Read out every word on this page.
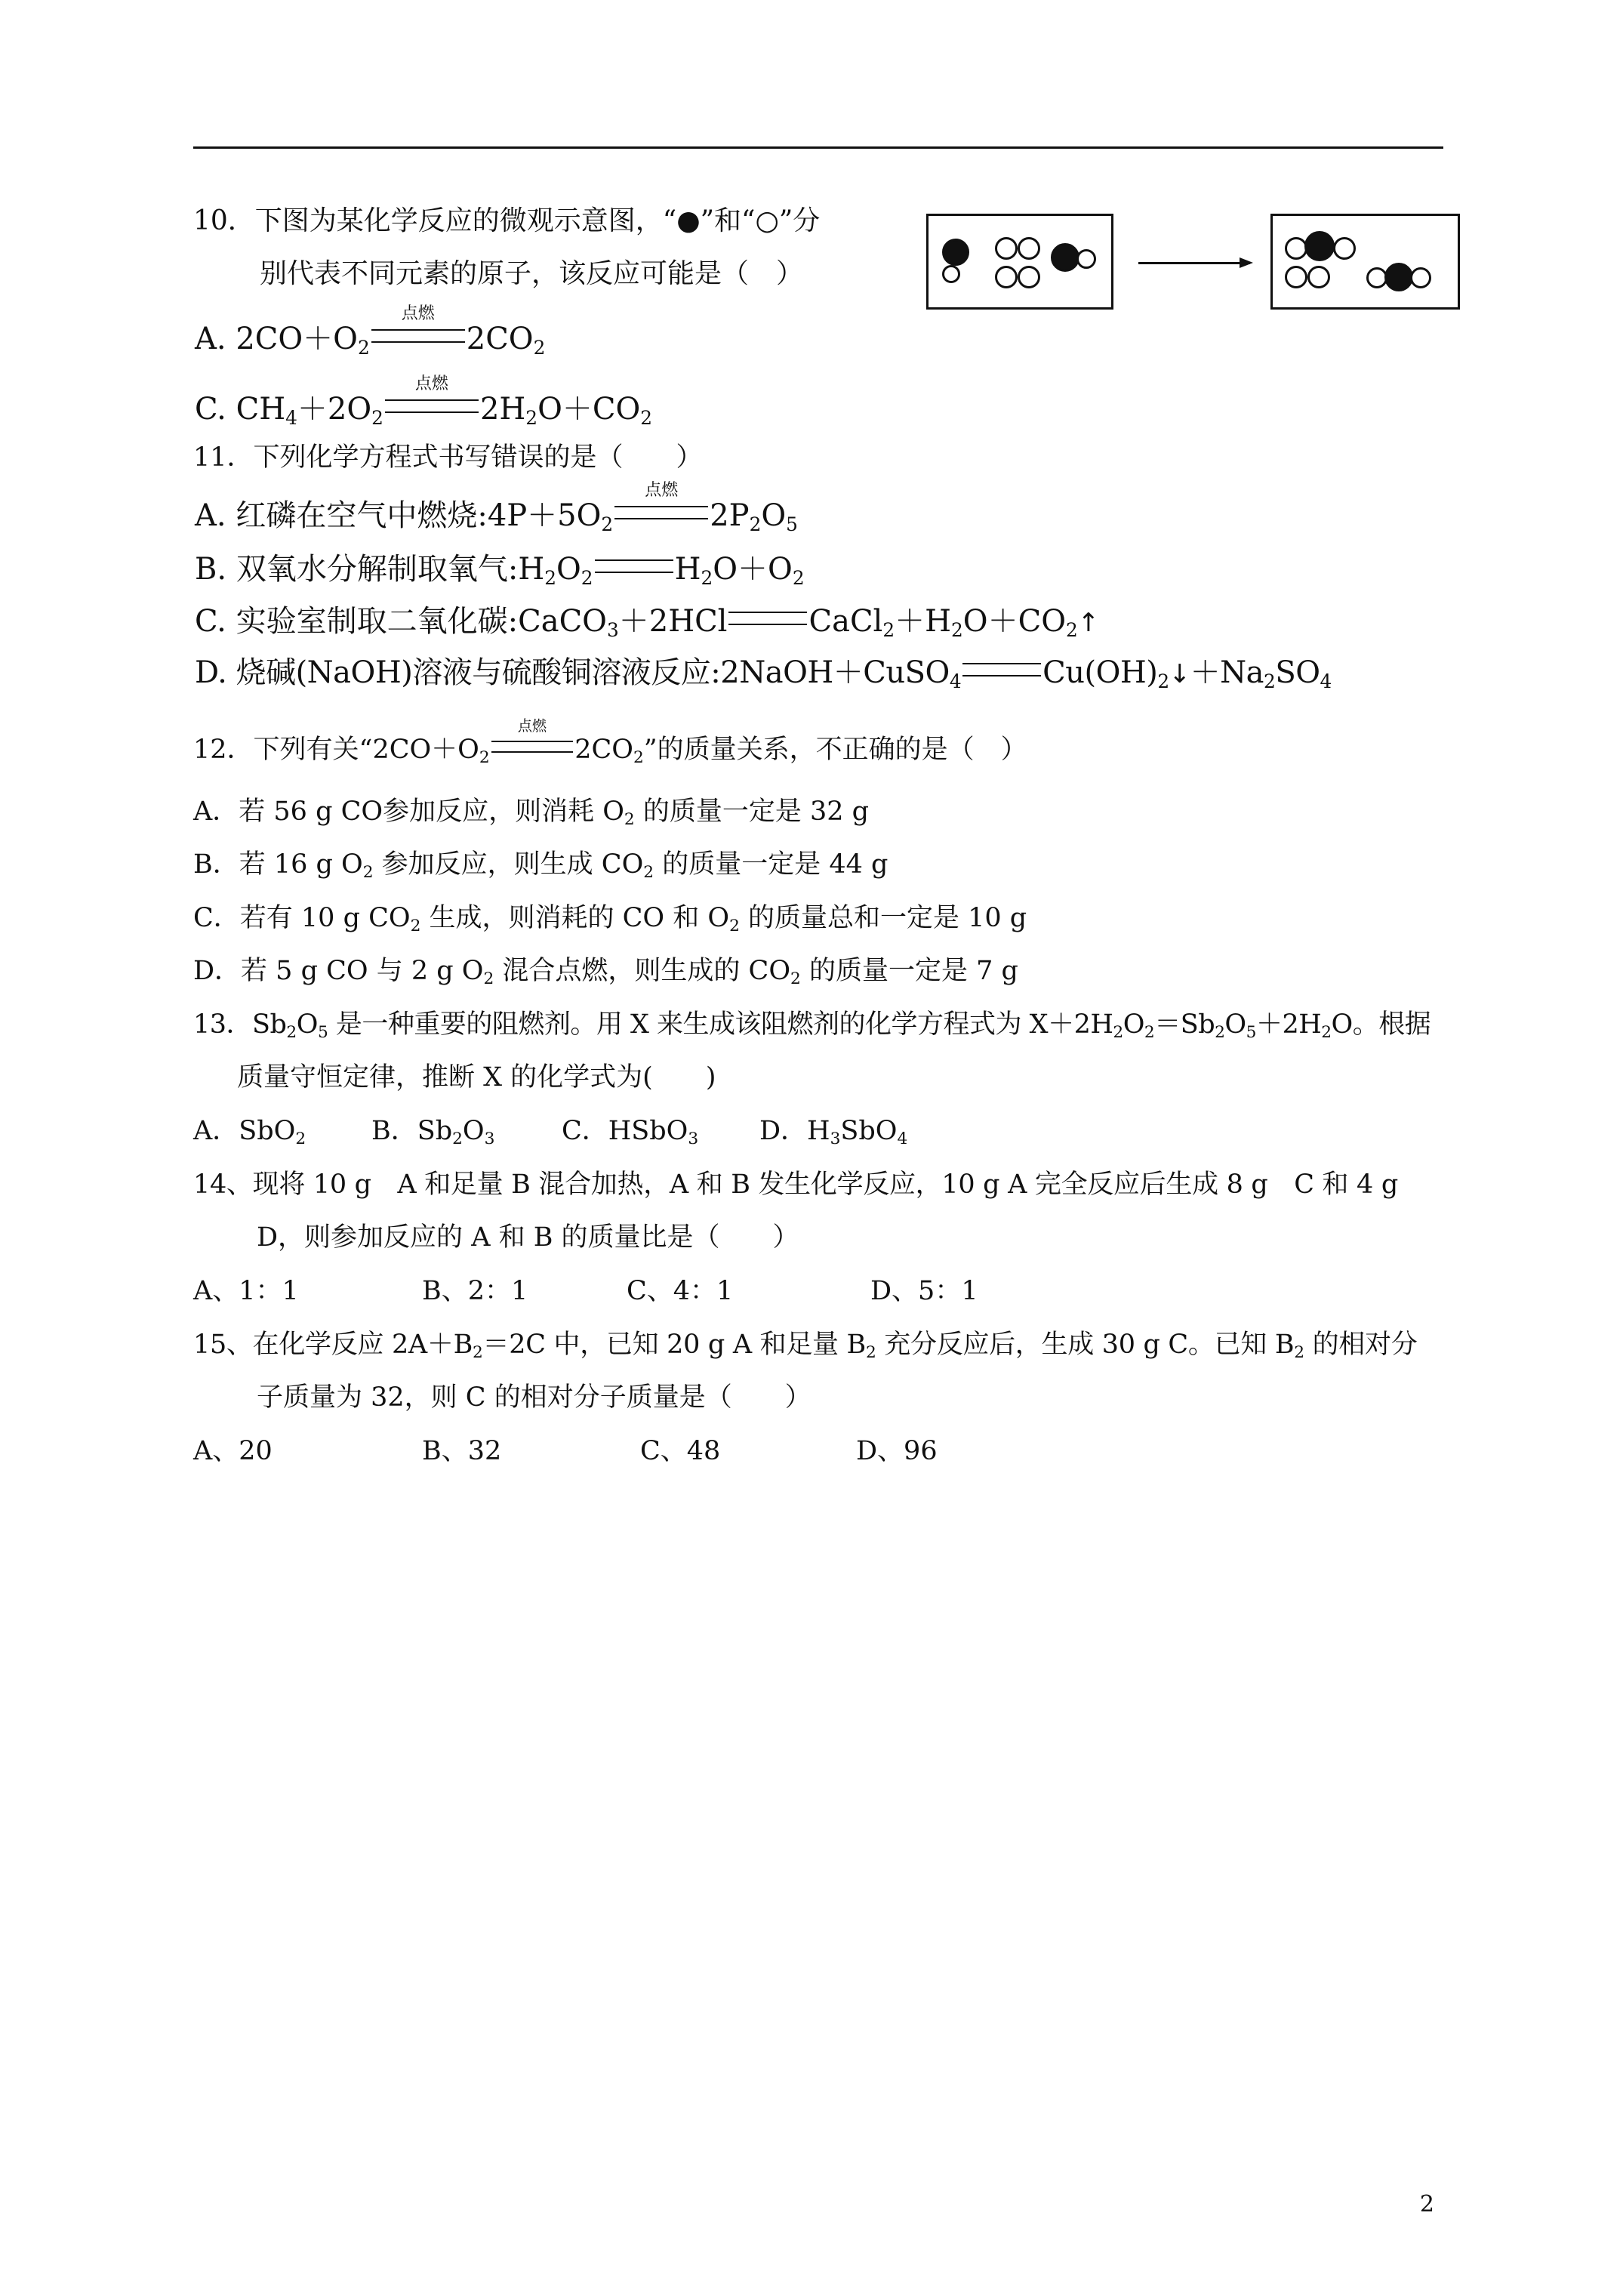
10．下图为某化学反应的微观示意图，“●”和“○”分
别代表不同元素的原子，该反应可能是（　）
A. $2CO+O_2$
点燃
$2CO_2$
C. $CH_4+2O_2$
点燃
$2H_2O+CO_2$
11．下列化学方程式书写错误的是（　　）
A. 红磷在空气中燃烧$:4P+5O_2$
点燃
$2P_2O_5$
B. 双氧水分解制取氧气$:H_2O_2$	$H_2O+O_2$
C. 实验室制取二氧化碳:CaCO$_3$＋2HCl	$CaCl_2+H_2O+CO_2↑$
D. 烧碱(NaOH)溶液与硫酸铜溶液反应:2NaOH＋CuSO$_4$	$Cu(OH)_2↓+Na_2SO_4$
12．下列有关“$2CO+O_2$
点燃
$2CO_2$”的质量关系，不正确的是（　）
A．若 56 g CO参加反应，则消耗 $O_2$ 的质量一定是 32 g
B．若 16 g $O_2$ 参加反应，则生成 $CO_2$ 的质量一定是 44 g
C．若有 10 g $CO_2$ 生成，则消耗的 CO 和 $O_2$ 的质量总和一定是 10 g
D．若 5 g CO 与 2 g $O_2$ 混合点燃，则生成的 $CO_2$ 的质量一定是 7 g
13．$Sb_2O_5$ 是一种重要的阻燃剂。用 X 来生成该阻燃剂的化学方程式为 $X+2H_2O_2=Sb_2O_5+2H_2O$。根据
质量守恒定律，推断 X 的化学式为(　　)
A．SbO$_2$ B．$Sb_2O_3$	C．HSbO$_3$ D．$H_3SbO_4$
14、现将 10 g　A 和足量 B 混合加热，A 和 B 发生化学反应，10 g A 完全反应后生成 8 g　C 和 4 g
D，则参加反应的 A 和 B 的质量比是（　　）
A、1：1	B、2：1	C、4：1	D、5：1
15、在化学反应 $2A+B_2=2C$ 中，已知 20 g A 和足量 $B_2$ 充分反应后，生成 30 g C。已知 $B_2$ 的相对分
子质量为 32，则 C 的相对分子质量是（　　）
A、20	B、32	C、48	D、96
2
